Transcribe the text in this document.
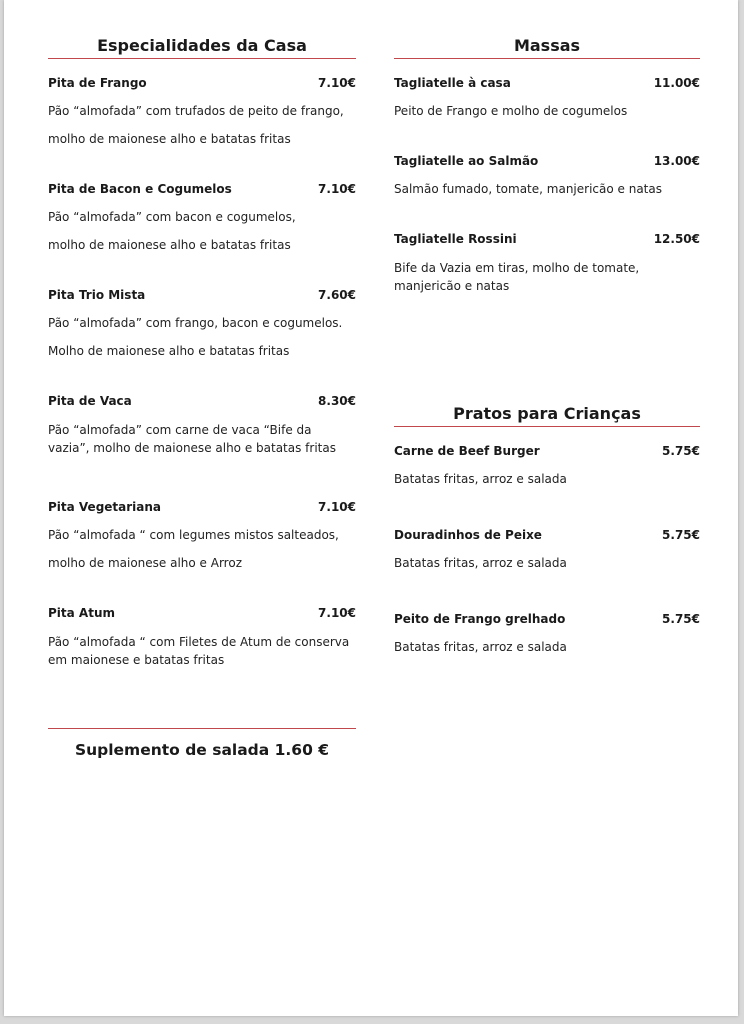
Especialidades da Casa
Pita de Frango	7.10€
Pão “almofada” com trufados de peito de frango,
molho de maionese alho e batatas fritas
Pita de Bacon e Cogumelos	7.10€
Pão “almofada” com bacon e cogumelos,
molho de maionese alho e batatas fritas
Pita Trio Mista	7.60€
Pão “almofada” com frango, bacon e cogumelos.
Molho de maionese alho e batatas fritas
Pita de Vaca	8.30€
Pão “almofada” com carne de vaca “Bife da
vazia”, molho de maionese alho e batatas fritas
Pita Vegetariana	7.10€
Pão “almofada “ com legumes mistos salteados,
molho de maionese alho e Arroz
Pita Atum	7.10€
Pão “almofada “ com Filetes de Atum de conserva
em maionese e batatas fritas
Massas
Tagliatelle à casa	11.00€
Peito de Frango e molho de cogumelos
Tagliatelle ao Salmão	13.00€
Salmão fumado, tomate, manjericão e natas
Tagliatelle Rossini	12.50€
Bife da Vazia em tiras, molho de tomate,
manjericão e natas
Pratos para Crianças
Carne de Beef Burger	5.75€
Batatas fritas, arroz e salada
Douradinhos de Peixe	5.75€
Batatas fritas, arroz e salada
Peito de Frango grelhado	5.75€
Batatas fritas, arroz e salada
Suplemento de salada 1.60 €
